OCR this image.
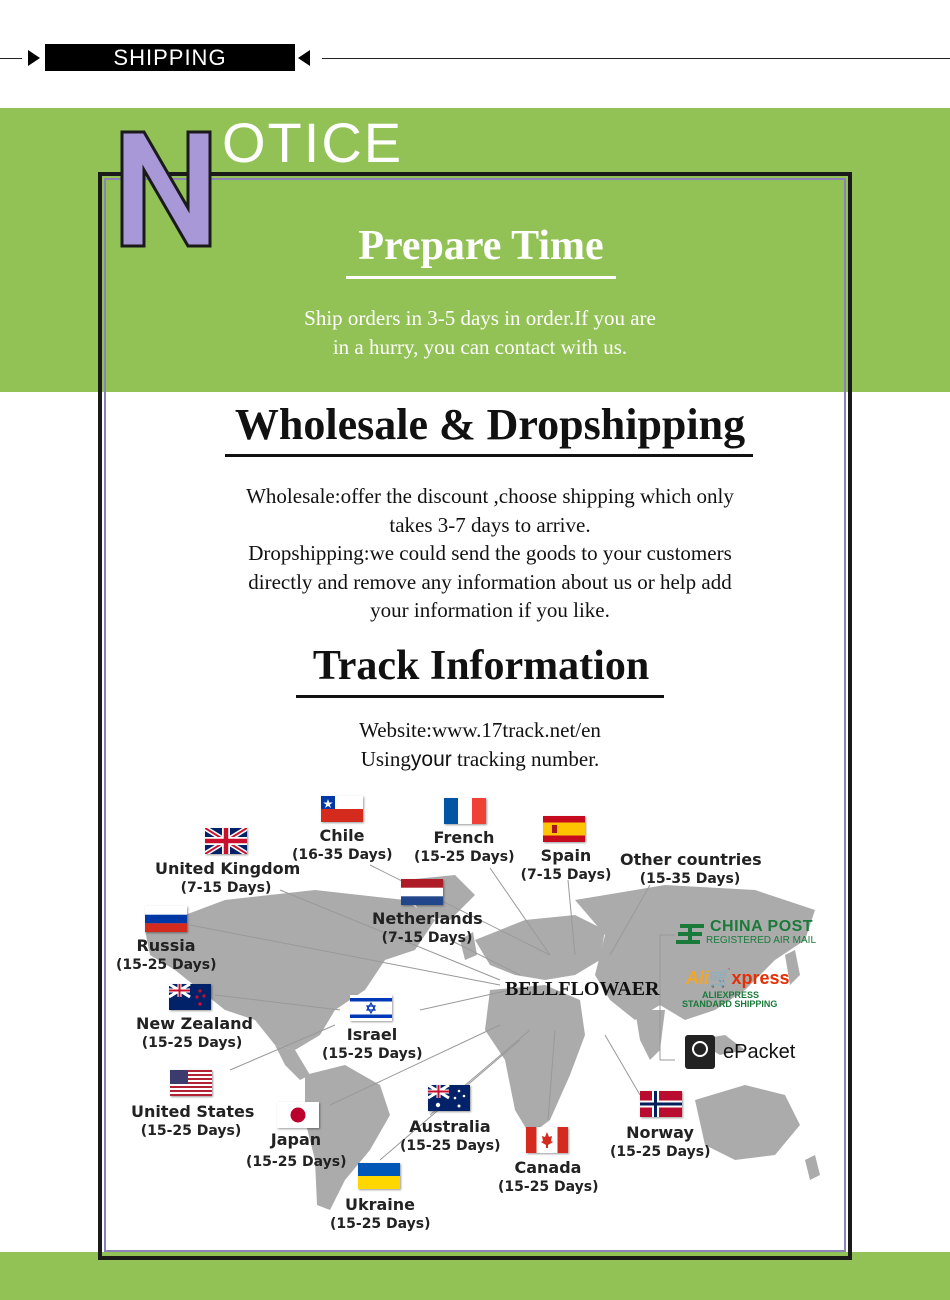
SHIPPING
OTICE
Prepare Time
Ship orders in 3-5 days in order.If you are
in a hurry, you can contact with us.
Wholesale & Dropshipping
Wholesale:offer the discount ,choose shipping which only
takes 3-7 days to arrive.
Dropshipping:we could send the goods to your customers
directly and remove any information about us or help add
your information if you like.
Track Information
Website:www.17track.net/en
Usingyour tracking number.
Chile
(16-35 Days)
French
(15-25 Days)	Spain
(7-15 Days)
Other countries
(15-35 Days)
United Kingdom
(7-15 Days)
Netherlands
(7-15 Days)
Russia
(15-25 Days)
New Zealand
(15-25 Days)	Israel
(15-25 Days)
United States
(15-25 Days)	Japan
(15-25 Days)
Australia
(15-25 Days)
Canada
(15-25 Days)
Norway
(15-25 Days)
Ukraine
(15-25 Days)
BELLFLOWAER
CHINA POST
REGISTERED AIR MAIL
Ali🛒xpress
ALIEXPRESS
STANDARD SHIPPING
ePacket
